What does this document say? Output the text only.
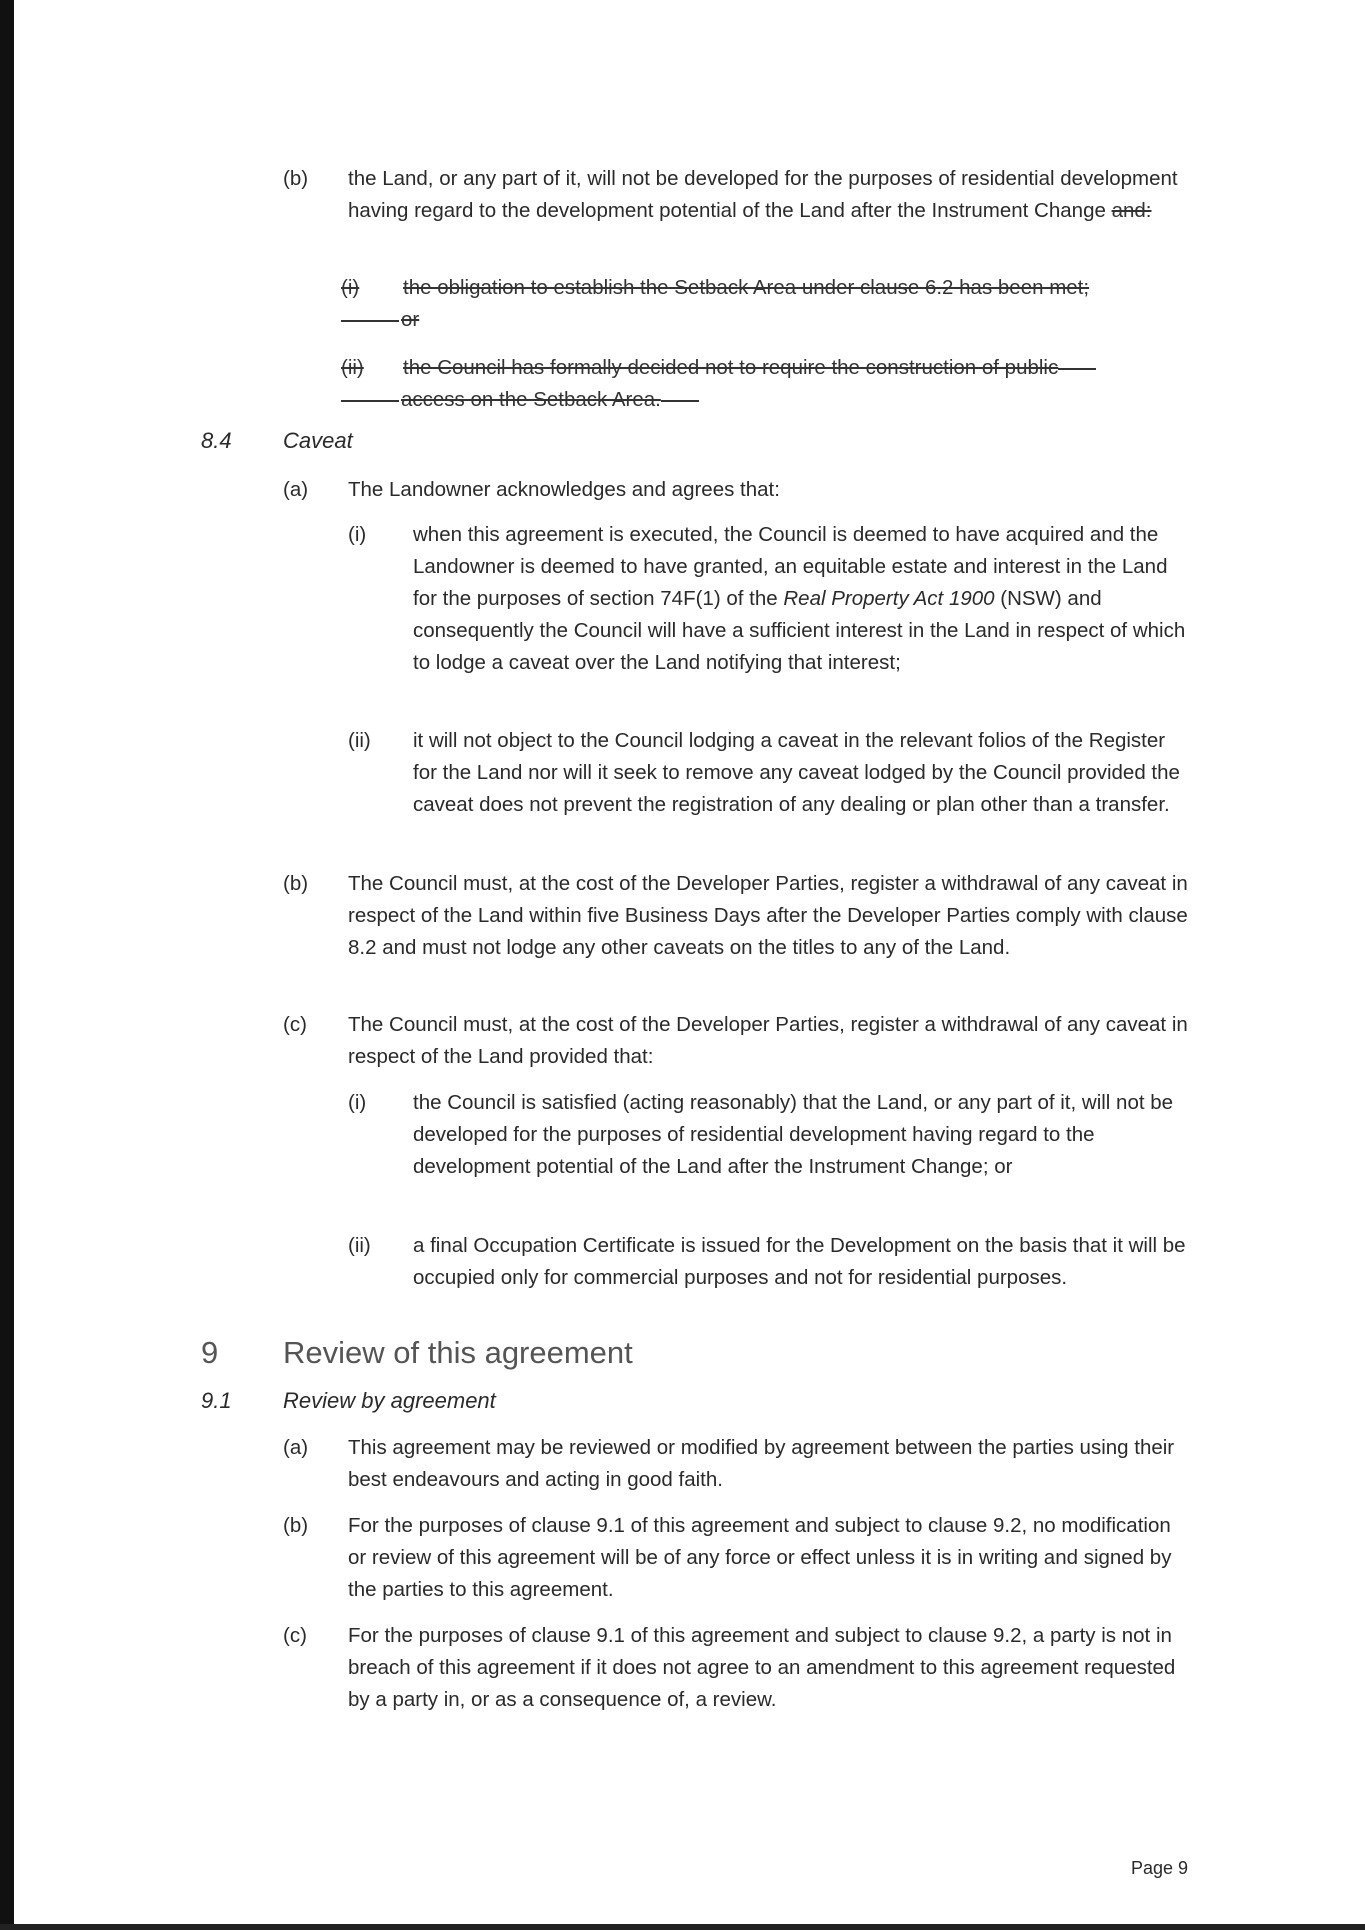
(b) the Land, or any part of it, will not be developed for the purposes of residential development having regard to the development potential of the Land after the Instrument Change and:

(i) the obligation to establish the Setback Area under clause 6.2 has been met;

or

(ii) the Council has formally decided not to require the construction of public

access on the Setback Area.

8.4 Caveat
(a) The Landowner acknowledges and agrees that:

(i) when this agreement is executed, the Council is deemed to have acquired and the Landowner is deemed to have granted, an equitable estate and interest in the Land for the purposes of section 74F(1) of the Real Property Act 1900 (NSW) and consequently the Council will have a sufficient interest in the Land in respect of which to lodge a caveat over the Land notifying that interest;

(ii) it will not object to the Council lodging a caveat in the relevant folios of the Register for the Land nor will it seek to remove any caveat lodged by the Council provided the caveat does not prevent the registration of any dealing or plan other than a transfer.

(b) The Council must, at the cost of the Developer Parties, register a withdrawal of any caveat in respect of the Land within five Business Days after the Developer Parties comply with clause 8.2 and must not lodge any other caveats on the titles to any of the Land.

(c) The Council must, at the cost of the Developer Parties, register a withdrawal of any caveat in respect of the Land provided that:

(i) the Council is satisfied (acting reasonably) that the Land, or any part of it, will not be developed for the purposes of residential development having regard to the development potential of the Land after the Instrument Change; or

(ii) a final Occupation Certificate is issued for the Development on the basis that it will be occupied only for commercial purposes and not for residential purposes.

9 Review of this agreement
9.1 Review by agreement
(a) This agreement may be reviewed or modified by agreement between the parties using their best endeavours and acting in good faith.

(b) For the purposes of clause 9.1 of this agreement and subject to clause 9.2, no modification or review of this agreement will be of any force or effect unless it is in writing and signed by the parties to this agreement.

(c) For the purposes of clause 9.1 of this agreement and subject to clause 9.2, a party is not in breach of this agreement if it does not agree to an amendment to this agreement requested by a party in, or as a consequence of, a review.

Page 9
